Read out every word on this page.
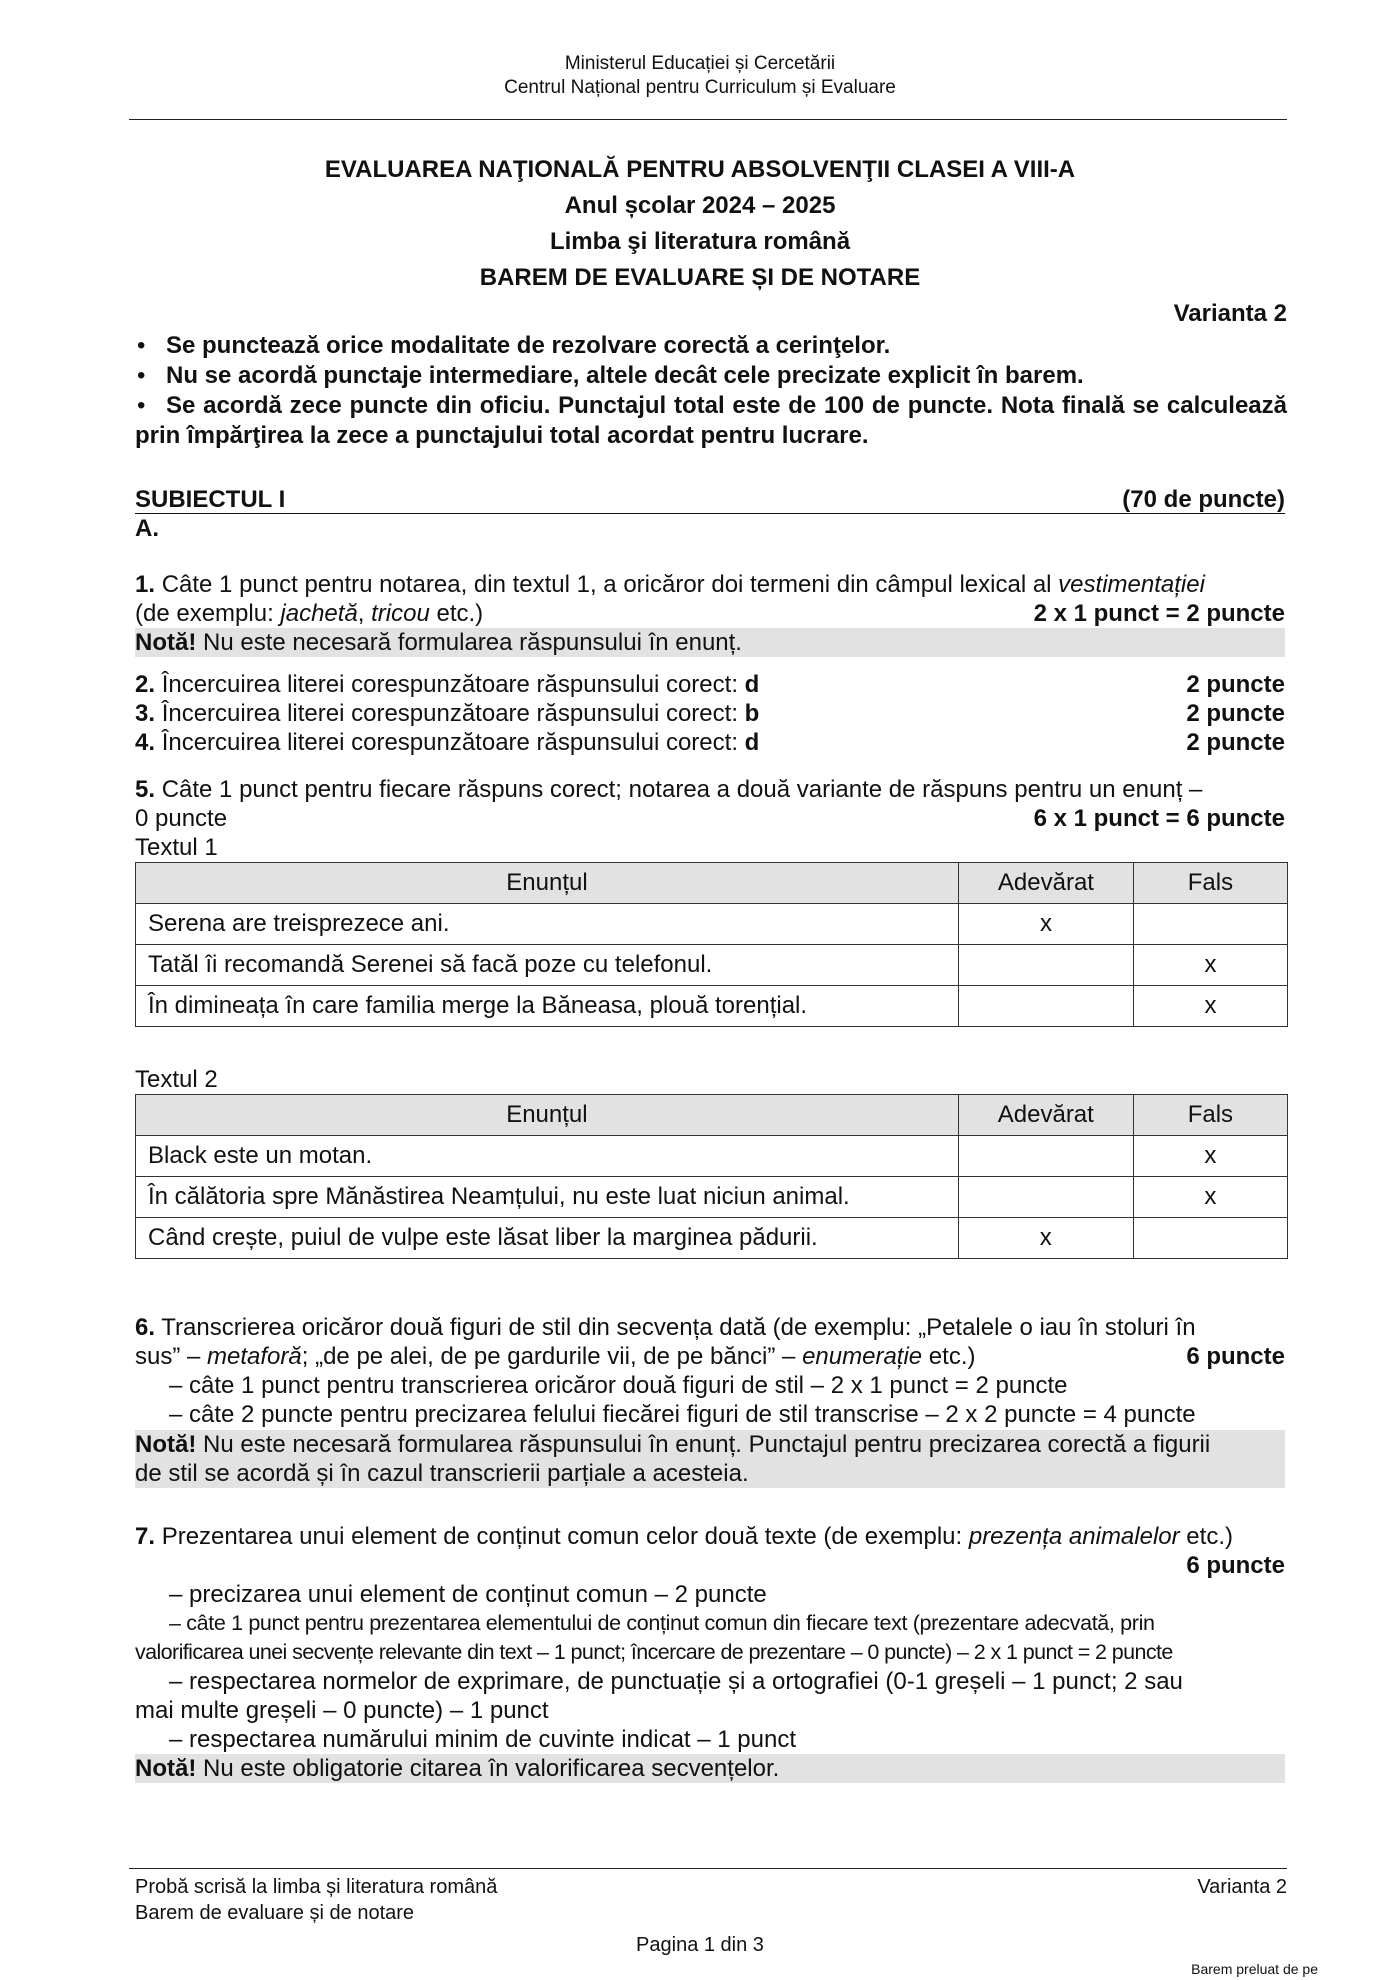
Ministerul Educației și Cercetării
Centrul Național pentru Curriculum și Evaluare
EVALUAREA NAŢIONALĂ PENTRU ABSOLVENŢII CLASEI A VIII-A
Anul școlar 2024 – 2025
Limba şi literatura română
BAREM DE EVALUARE ȘI DE NOTARE
Varianta 2
• Se punctează orice modalitate de rezolvare corectă a cerinţelor.
• Nu se acordă punctaje intermediare, altele decât cele precizate explicit în barem.
• Se acordă zece puncte din oficiu. Punctajul total este de 100 de puncte. Nota finală se calculează prin împărţirea la zece a punctajului total acordat pentru lucrare.
SUBIECTUL I	(70 de puncte)
A.
1. Câte 1 punct pentru notarea, din textul 1, a oricăror doi termeni din câmpul lexical al vestimentației
(de exemplu: jachetă, tricou etc.)	2 x 1 punct = 2 puncte
Notă! Nu este necesară formularea răspunsului în enunț.
2. Încercuirea literei corespunzătoare răspunsului corect: d	2 puncte
3. Încercuirea literei corespunzătoare răspunsului corect: b	2 puncte
4. Încercuirea literei corespunzătoare răspunsului corect: d	2 puncte
5. Câte 1 punct pentru fiecare răspuns corect; notarea a două variante de răspuns pentru un enunț –
0 puncte	6 x 1 punct = 6 puncte
Textul 1
Enunțul	Adevărat	Fals
Serena are treisprezece ani.	x	
Tatăl îi recomandă Serenei să facă poze cu telefonul.		x
În dimineața în care familia merge la Băneasa, plouă torențial.		x
Textul 2
Enunțul	Adevărat	Fals
Black este un motan.		x
În călătoria spre Mănăstirea Neamțului, nu este luat niciun animal.		x
Când crește, puiul de vulpe este lăsat liber la marginea pădurii.	x	
6. Transcrierea oricăror două figuri de stil din secvența dată (de exemplu: „Petalele o iau în stoluri în
sus” – metaforă; „de pe alei, de pe gardurile vii, de pe bănci” – enumerație etc.)	6 puncte
– câte 1 punct pentru transcrierea oricăror două figuri de stil – 2 x 1 punct = 2 puncte
– câte 2 puncte pentru precizarea felului fiecărei figuri de stil transcrise – 2 x 2 puncte = 4 puncte
Notă! Nu este necesară formularea răspunsului în enunț. Punctajul pentru precizarea corectă a figurii
de stil se acordă și în cazul transcrierii parțiale a acesteia.
7. Prezentarea unui element de conținut comun celor două texte (de exemplu: prezența animalelor etc.)
6 puncte
– precizarea unui element de conținut comun – 2 puncte
– câte 1 punct pentru prezentarea elementului de conținut comun din fiecare text (prezentare adecvată, prin
valorificarea unei secvențe relevante din text – 1 punct; încercare de prezentare – 0 puncte) – 2 x 1 punct = 2 puncte
– respectarea normelor de exprimare, de punctuație și a ortografiei (0-1 greșeli – 1 punct; 2 sau
mai multe greșeli – 0 puncte) – 1 punct
– respectarea numărului minim de cuvinte indicat – 1 punct
Notă! Nu este obligatorie citarea în valorificarea secvențelor.
Probă scrisă la limba și literatura română
Barem de evaluare și de notare
Varianta 2
Pagina 1 din 3
Barem preluat de pe
